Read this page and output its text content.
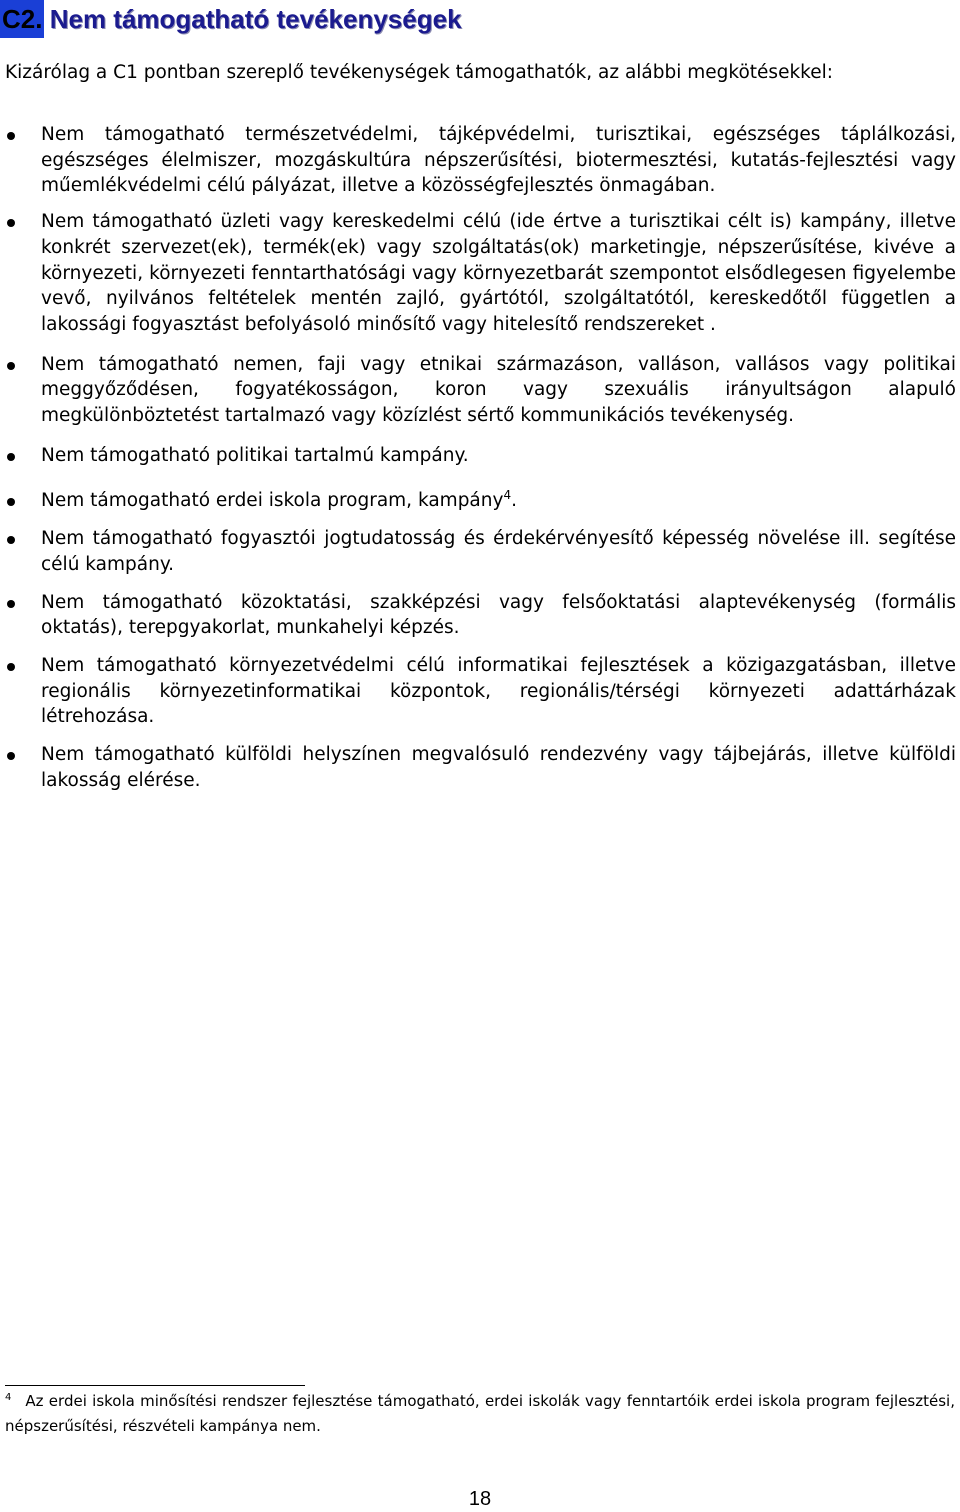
C2. Nem támogatható tevékenységek
Kizárólag a C1 pontban szereplő tevékenységek támogathatók, az alábbi megkötésekkel:
Nem támogatható természetvédelmi, tájképvédelmi, turisztikai, egészséges táplálkozási, egészséges élelmiszer, mozgáskultúra népszerűsítési, biotermesztési, kutatás-fejlesztési vagy műemlékvédelmi célú pályázat, illetve a közösségfejlesztés önmagában.
Nem támogatható üzleti vagy kereskedelmi célú (ide értve a turisztikai célt is) kampány, illetve konkrét szervezet(ek), termék(ek) vagy szolgáltatás(ok) marketingje, népszerűsítése, kivéve a környezeti, környezeti fenntarthatósági vagy környezetbarát szempontot elsődlegesen figyelembe vevő, nyilvános feltételek mentén zajló, gyártótól, szolgáltatótól, kereskedőtől független a lakossági fogyasztást befolyásoló minősítő vagy hitelesítő rendszereket .
Nem támogatható nemen, faji vagy etnikai származáson, valláson, vallásos vagy politikai meggyőződésen, fogyatékosságon, koron vagy szexuális irányultságon alapuló megkülönböztetést tartalmazó vagy közízlést sértő kommunikációs tevékenység.
Nem támogatható politikai tartalmú kampány.
Nem támogatható erdei iskola program, kampány$^4$.
Nem támogatható fogyasztói jogtudatosság és érdekérvényesítő képesség növelése ill. segítése célú kampány.
Nem támogatható közoktatási, szakképzési vagy felsőoktatási alaptevékenység (formális oktatás), terepgyakorlat, munkahelyi képzés.
Nem támogatható környezetvédelmi célú informatikai fejlesztések a közigazgatásban, illetve regionális környezetinformatikai központok, regionális/térségi környezeti adattárházak létrehozása.
Nem támogatható külföldi helyszínen megvalósuló rendezvény vagy tájbejárás, illetve külföldi lakosság elérése.
$^4$ Az erdei iskola minősítési rendszer fejlesztése támogatható, erdei iskolák vagy fenntartóik erdei iskola program fejlesztési, népszerűsítési, részvételi kampánya nem.
18
